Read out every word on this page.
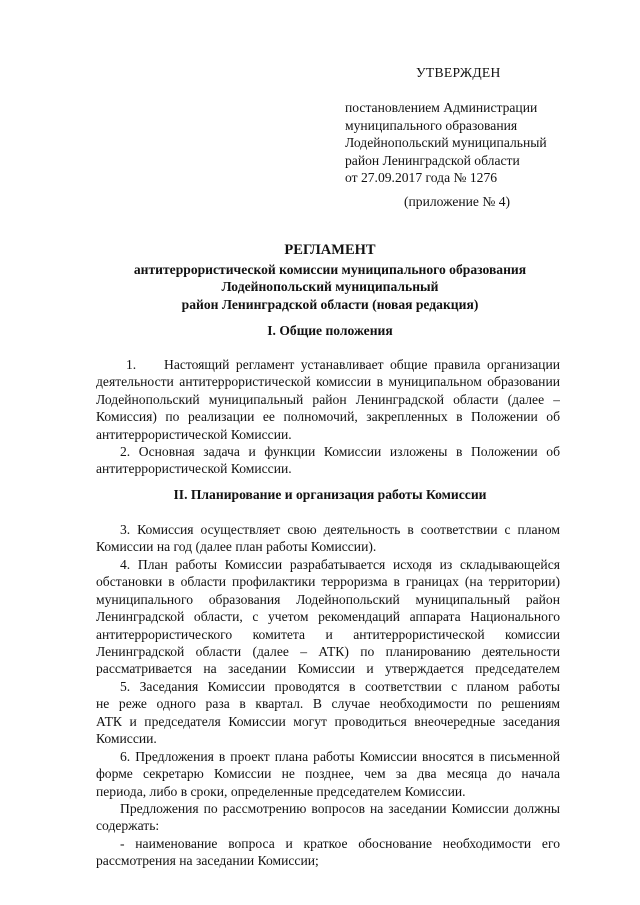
УТВЕРЖДЕН
постановлением Администрации
муниципального образования
Лодейнопольский муниципальный
район Ленинградской области
от 27.09.2017 года № 1276
(приложение № 4)
РЕГЛАМЕНТ
антитеррористической комиссии муниципального образования
Лодейнопольский муниципальный
район Ленинградской области (новая редакция)
I. Общие положения
1. Настоящий регламент устанавливает общие правила организации
деятельности антитеррористической комиссии в муниципальном образовании
Лодейнопольский муниципальный район Ленинградской области (далее –
Комиссия) по реализации ее полномочий, закрепленных в Положении об
антитеррористической Комиссии.
2. Основная задача и функции Комиссии изложены в Положении об
антитеррористической Комиссии.
II. Планирование и организация работы Комиссии
3. Комиссия осуществляет свою деятельность в соответствии с планом
Комиссии на год (далее план работы Комиссии).
4. План работы Комиссии разрабатывается исходя из складывающейся
обстановки в области профилактики терроризма в границах (на территории)
муниципального образования Лодейнопольский муниципальный район
Ленинградской области, с учетом рекомендаций аппарата Национального
антитеррористического комитета и антитеррористической комиссии
Ленинградской области (далее – АТК) по планированию деятельности
рассматривается на заседании Комиссии и утверждается председателем
5. Заседания Комиссии проводятся в соответствии с планом работы
не реже одного раза в квартал. В случае необходимости по решениям
АТК и председателя Комиссии могут проводиться внеочередные заседания
Комиссии.
6. Предложения в проект плана работы Комиссии вносятся в письменной
форме секретарю Комиссии не позднее, чем за два месяца до начала
периода, либо в сроки, определенные председателем Комиссии.
Предложения по рассмотрению вопросов на заседании Комиссии должны
содержать:
- наименование вопроса и краткое обоснование необходимости его
рассмотрения на заседании Комиссии;
